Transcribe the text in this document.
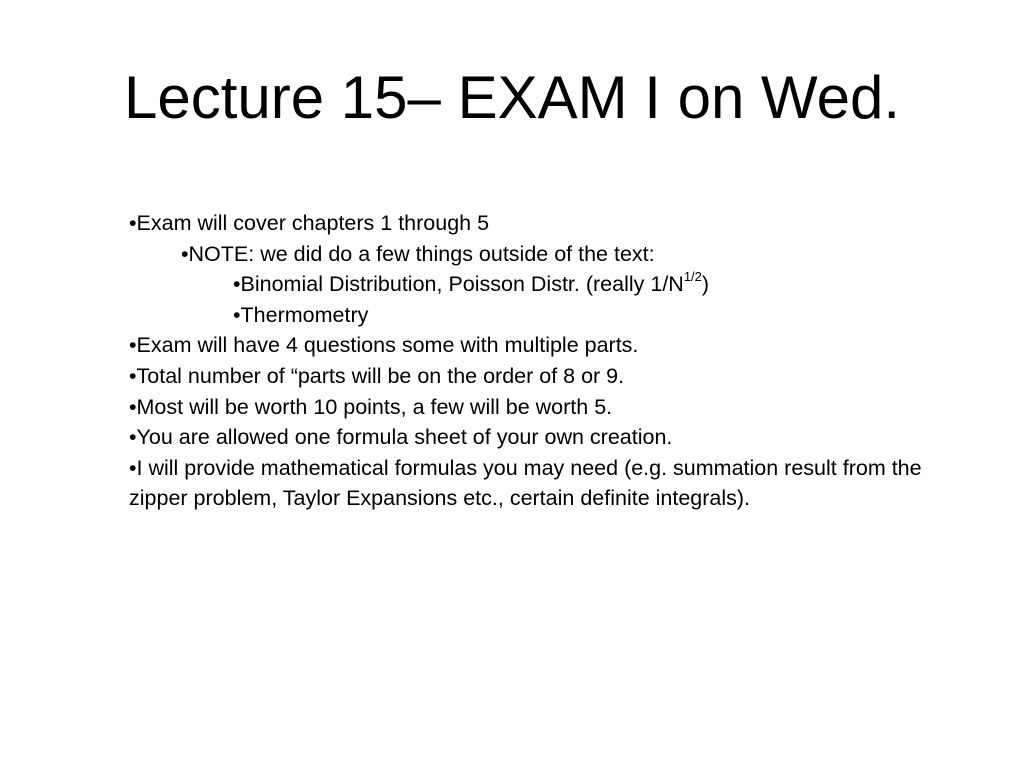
Lecture 15– EXAM I on Wed.
•Exam will cover chapters 1 through 5
•NOTE: we did do a few things outside of the text:
•Binomial Distribution, Poisson Distr. (really $1/N^{1/2}$)
•Thermometry
•Exam will have 4 questions some with multiple parts.
•Total number of “parts will be on the order of 8 or 9.
•Most will be worth 10 points, a few will be worth 5.
•You are allowed one formula sheet of your own creation.
•I will provide mathematical formulas you may need (e.g. summation result from the zipper problem, Taylor Expansions etc., certain definite integrals).
